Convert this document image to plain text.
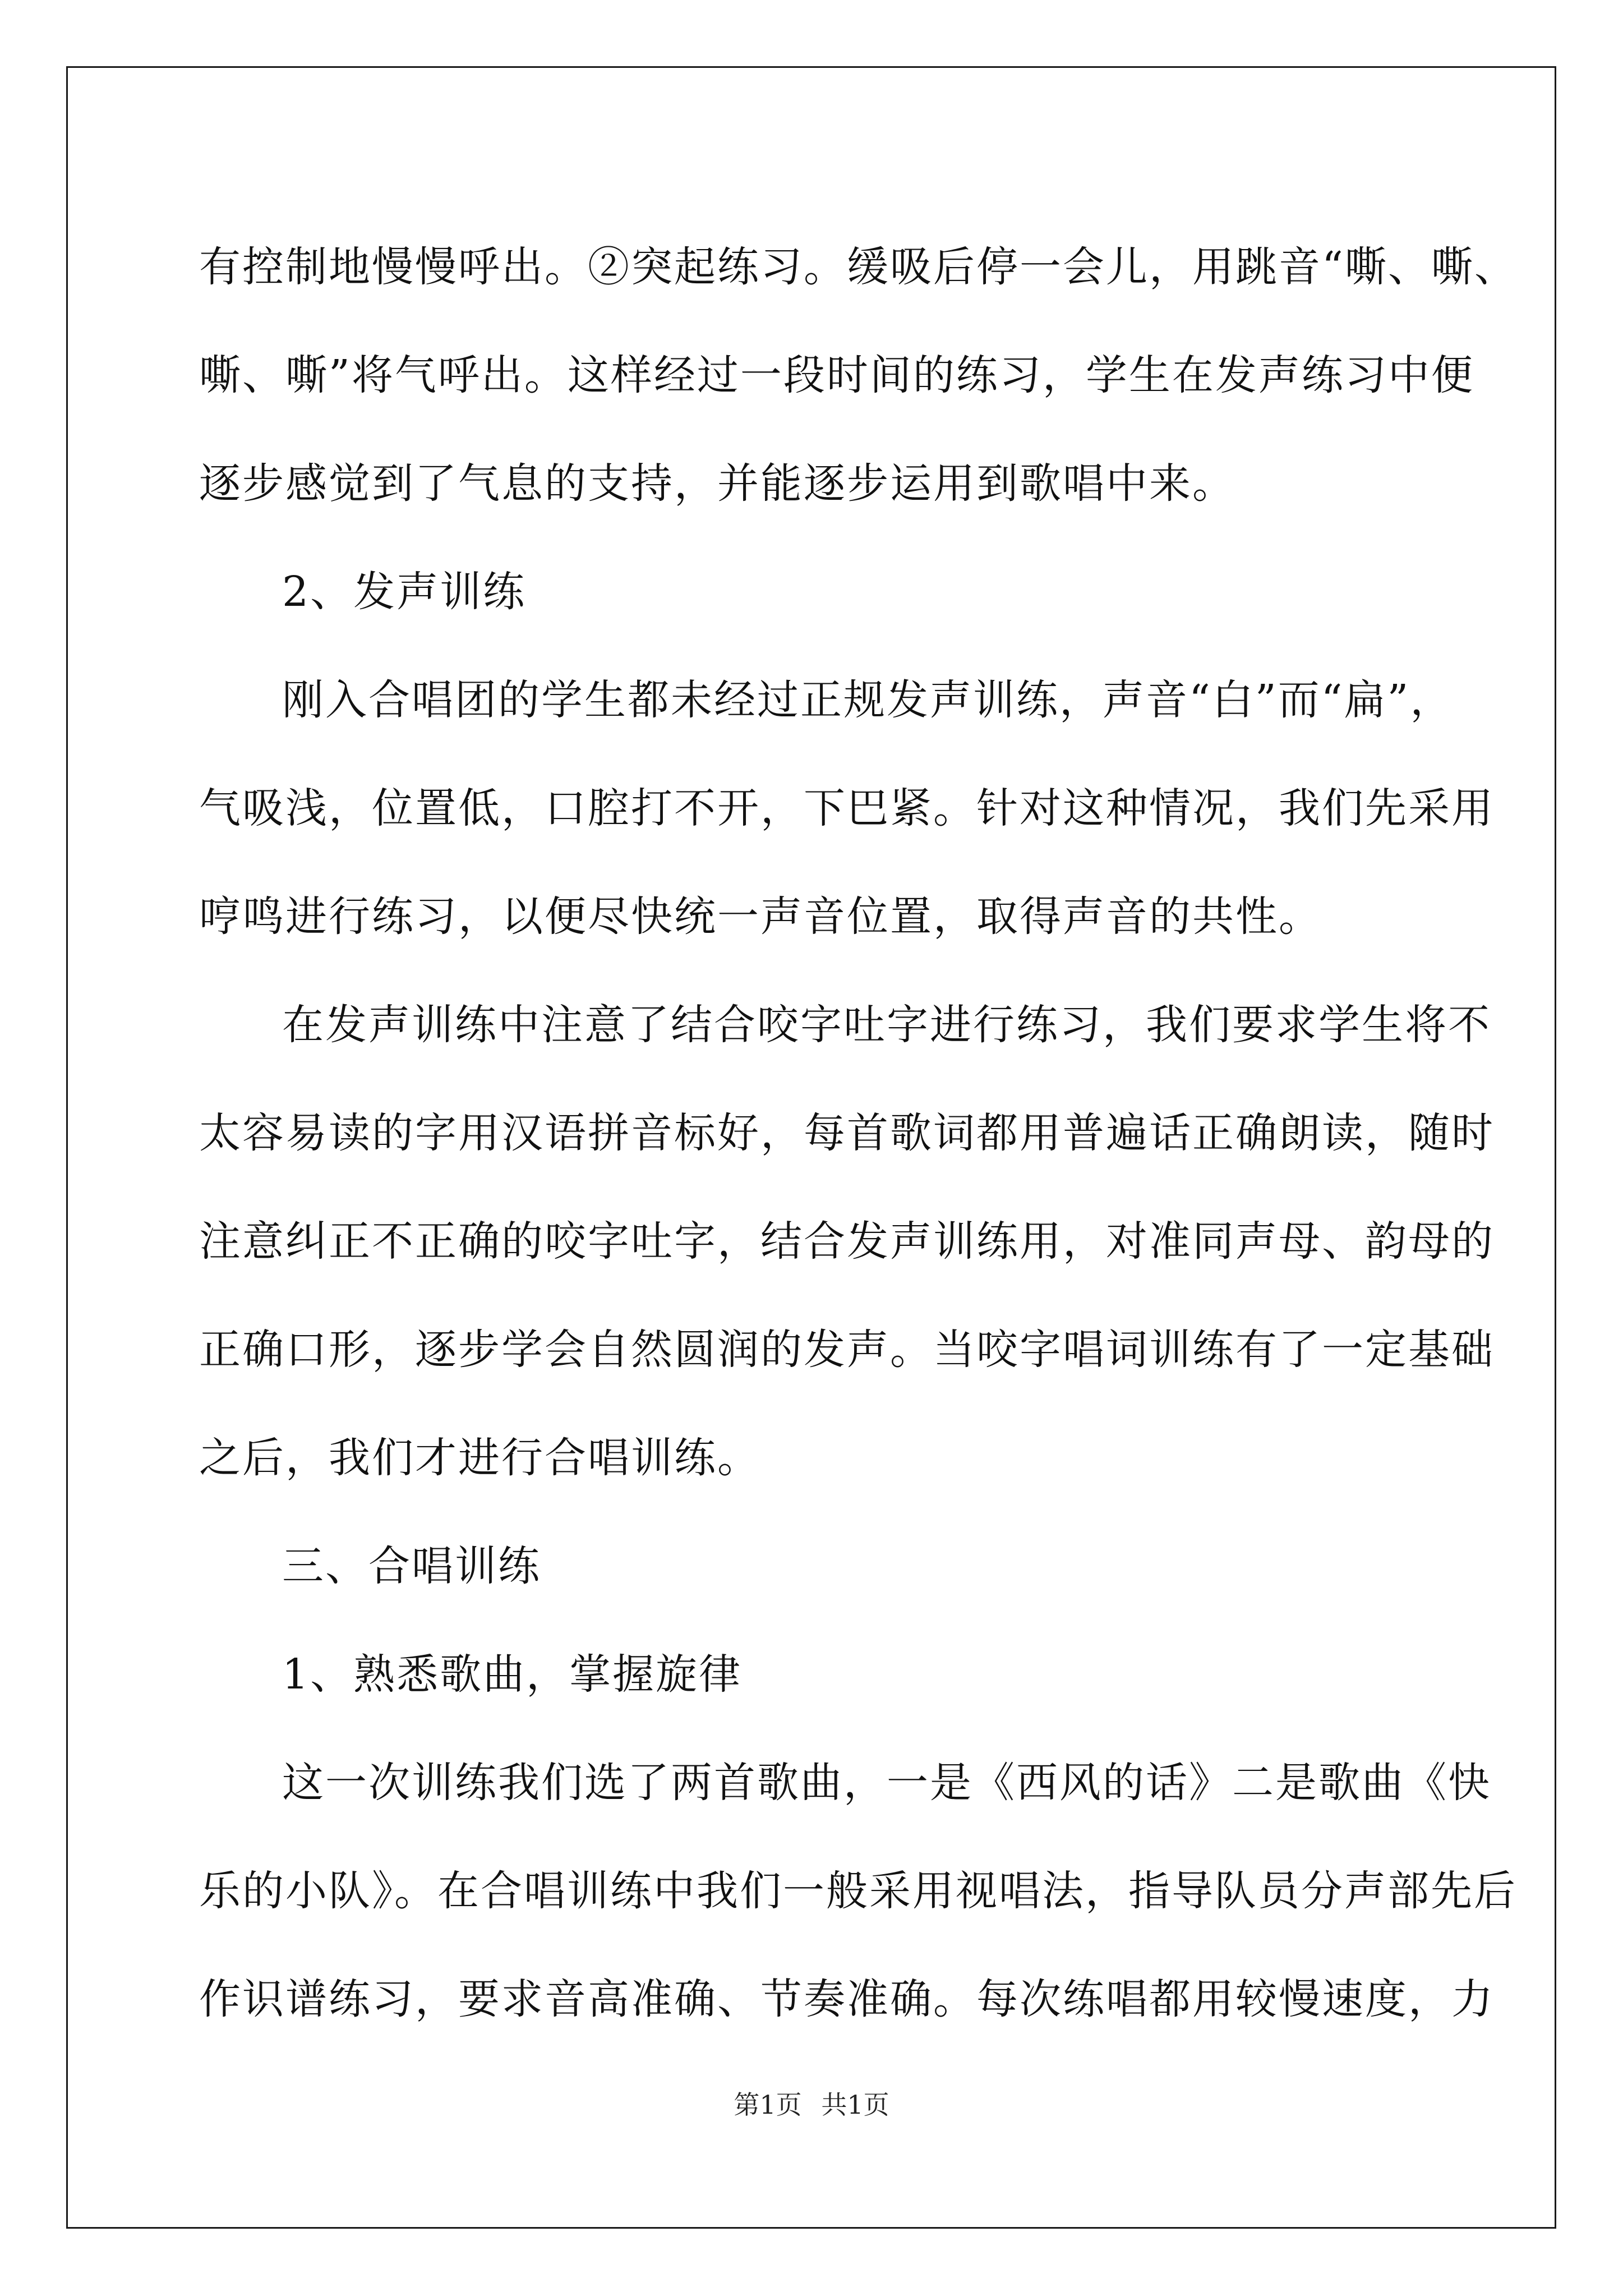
有控制地慢慢呼出。②突起练习。缓吸后停一会儿，用跳音“嘶、嘶、
嘶、嘶”将气呼出。这样经过一段时间的练习，学生在发声练习中便
逐步感觉到了气息的支持，并能逐步运用到歌唱中来。
2、发声训练
刚入合唱团的学生都未经过正规发声训练，声音“白”而“扁”，
气吸浅，位置低，口腔打不开，下巴紧。针对这种情况，我们先采用
哼鸣进行练习，以便尽快统一声音位置，取得声音的共性。
在发声训练中注意了结合咬字吐字进行练习，我们要求学生将不
太容易读的字用汉语拼音标好，每首歌词都用普遍话正确朗读，随时
注意纠正不正确的咬字吐字，结合发声训练用，对准同声母、韵母的
正确口形，逐步学会自然圆润的发声。当咬字唱词训练有了一定基础
之后，我们才进行合唱训练。
三、合唱训练
1、熟悉歌曲，掌握旋律
这一次训练我们选了两首歌曲，一是《西风的话》二是歌曲《快
乐的小队》。在合唱训练中我们一般采用视唱法，指导队员分声部先后
作识谱练习，要求音高准确、节奏准确。每次练唱都用较慢速度，力
第1页 共1页
